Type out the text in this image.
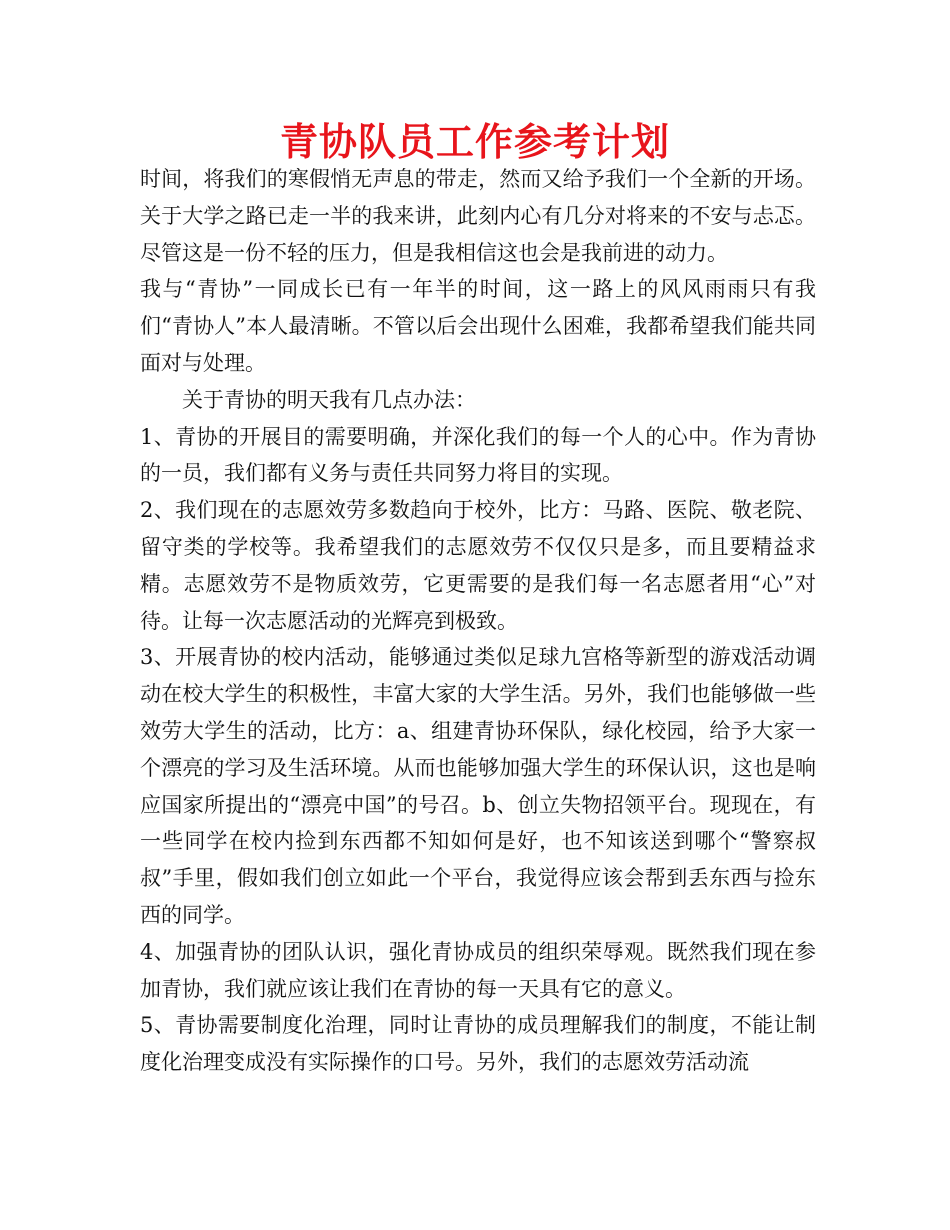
青协队员工作参考计划

时间，将我们的寒假悄无声息的带走，然而又给予我们一个全新的开场。关于大学之路已走一半的我来讲，此刻内心有几分对将来的不安与忐忑。尽管这是一份不轻的压力，但是我相信这也会是我前进的动力。

我与“青协”一同成长已有一年半的时间，这一路上的风风雨雨只有我们“青协人”本人最清晰。不管以后会出现什么困难，我都希望我们能共同面对与处理。

关于青协的明天我有几点办法：

1、青协的开展目的需要明确，并深化我们的每一个人的心中。作为青协的一员，我们都有义务与责任共同努力将目的实现。

2、我们现在的志愿效劳多数趋向于校外，比方：马路、医院、敬老院、留守类的学校等。我希望我们的志愿效劳不仅仅只是多，而且要精益求精。志愿效劳不是物质效劳，它更需要的是我们每一名志愿者用“心”对待。让每一次志愿活动的光辉亮到极致。

3、开展青协的校内活动，能够通过类似足球九宫格等新型的游戏活动调动在校大学生的积极性，丰富大家的大学生活。另外，我们也能够做一些效劳大学生的活动，比方：a、组建青协环保队，绿化校园，给予大家一个漂亮的学习及生活环境。从而也能够加强大学生的环保认识，这也是响应国家所提出的“漂亮中国”的号召。b、创立失物招领平台。现现在，有一些同学在校内捡到东西都不知如何是好，也不知该送到哪个“警察叔叔”手里，假如我们创立如此一个平台，我觉得应该会帮到丢东西与捡东西的同学。

4、加强青协的团队认识，强化青协成员的组织荣辱观。既然我们现在参加青协，我们就应该让我们在青协的每一天具有它的意义。

5、青协需要制度化治理，同时让青协的成员理解我们的制度，不能让制度化治理变成没有实际操作的口号。另外，我们的志愿效劳活动流
